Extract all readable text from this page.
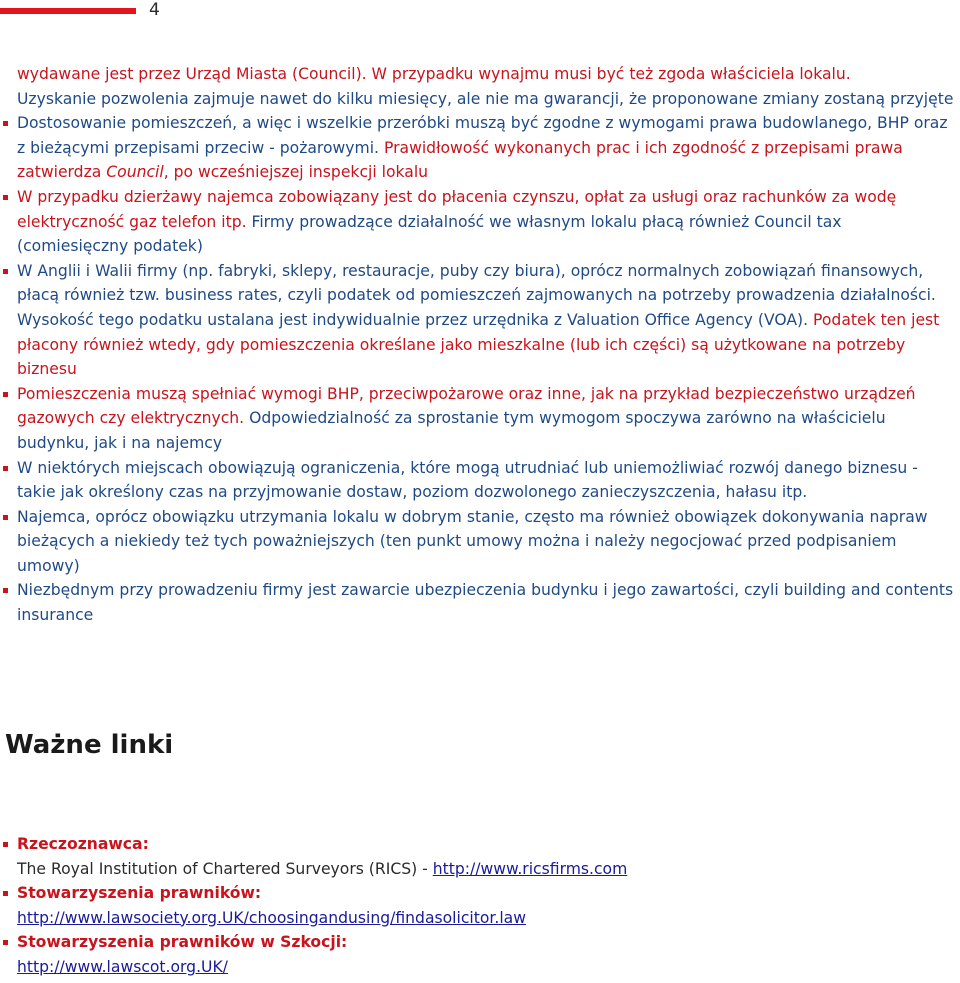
4
wydawane jest przez Urząd Miasta (Council). W przypadku wynajmu musi być też zgoda właściciela lokalu.
Uzyskanie pozwolenia zajmuje nawet do kilku miesięcy, ale nie ma gwarancji, że proponowane zmiany zostaną przyjęte
Dostosowanie pomieszczeń, a więc i wszelkie przeróbki muszą być zgodne z wymogami prawa budowlanego, BHP oraz z bieżącymi przepisami przeciw - pożarowymi. Prawidłowość wykonanych prac i ich zgodność z przepisami prawa zatwierdza Council, po wcześniejszej inspekcji lokalu
W przypadku dzierżawy najemca zobowiązany jest do płacenia czynszu, opłat za usługi oraz rachunków za wodę elektryczność gaz telefon itp. Firmy prowadzące działalność we własnym lokalu płacą również Council tax (comiesięczny podatek)
W Anglii i Walii firmy (np. fabryki, sklepy, restauracje, puby czy biura), oprócz normalnych zobowiązań finansowych, płacą również tzw. business rates, czyli podatek od pomieszczeń zajmowanych na potrzeby prowadzenia działalności. Wysokość tego podatku ustalana jest indywidualnie przez urzędnika z Valuation Office Agency (VOA). Podatek ten jest płacony również wtedy, gdy pomieszczenia określane jako mieszkalne (lub ich części) są użytkowane na potrzeby biznesu
Pomieszczenia muszą spełniać wymogi BHP, przeciwpożarowe oraz inne, jak na przykład bezpieczeństwo urządzeń gazowych czy elektrycznych. Odpowiedzialność za sprostanie tym wymogom spoczywa zarówno na właścicielu budynku, jak i na najemcy
W niektórych miejscach obowiązują ograniczenia, które mogą utrudniać lub uniemożliwiać rozwój danego biznesu - takie jak określony czas na przyjmowanie dostaw, poziom dozwolonego zanieczyszczenia, hałasu itp.
Najemca, oprócz obowiązku utrzymania lokalu w dobrym stanie, często ma również obowiązek dokonywania napraw bieżących a niekiedy też tych poważniejszych (ten punkt umowy można i należy negocjować przed podpisaniem umowy)
Niezbędnym przy prowadzeniu firmy jest zawarcie ubezpieczenia budynku i jego zawartości, czyli building and contents insurance
Ważne linki
Rzeczoznawca:
The Royal Institution of Chartered Surveyors (RICS) - http://www.ricsfirms.com
Stowarzyszenia prawników:
http://www.lawsociety.org.UK/choosingandusing/findasolicitor.law
Stowarzyszenia prawników w Szkocji:
http://www.lawscot.org.UK/
